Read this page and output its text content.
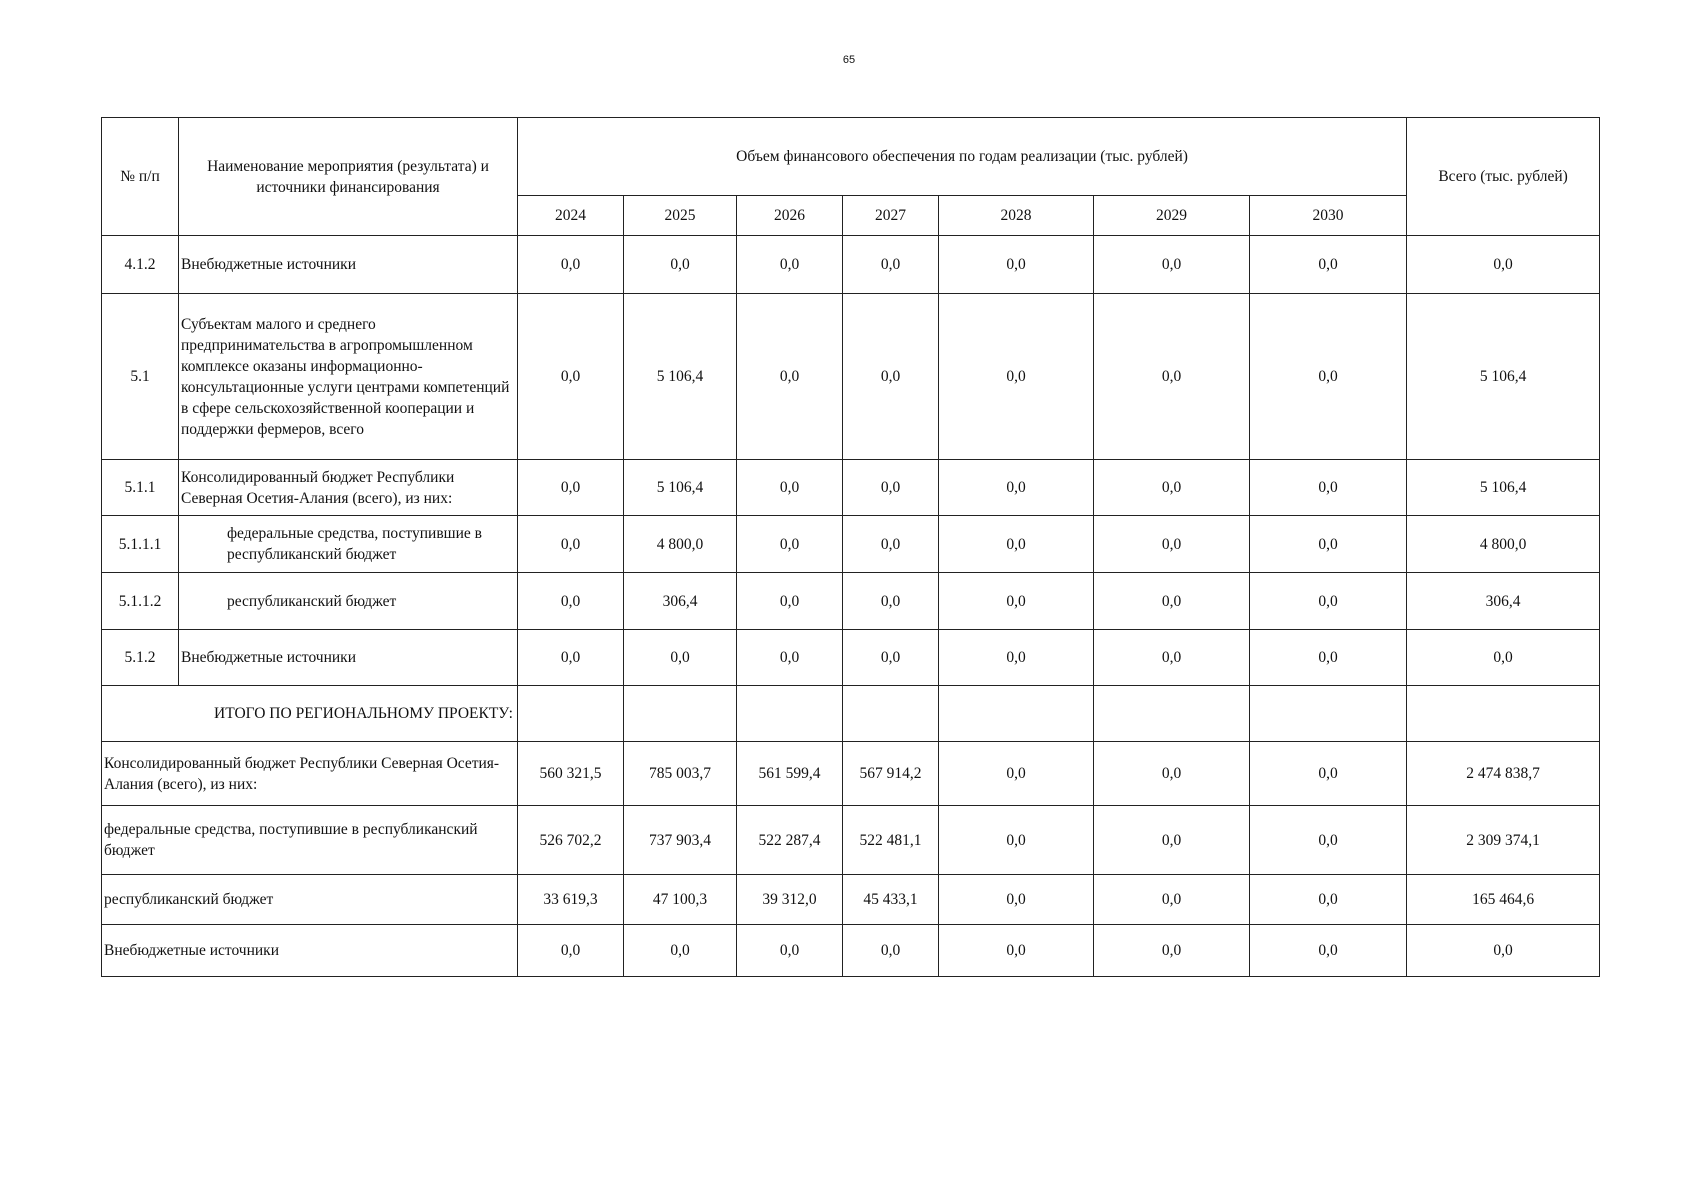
65
№ п/п	Наименование мероприятия (результата) и источники финансирования	Объем финансового обеспечения по годам реализации (тыс. рублей)							Всего (тыс. рублей)
		2024	2025	2026	2027	2028	2029	2030	
4.1.2	Внебюджетные источники	0,0	0,0	0,0	0,0	0,0	0,0	0,0	0,0
5.1	Субъектам малого и среднего предпринимательства в агропромышленном комплексе оказаны информационно-консультационные услуги центрами компетенций в сфере сельскохозяйственной кооперации и поддержки фермеров, всего	0,0	5 106,4	0,0	0,0	0,0	0,0	0,0	5 106,4
5.1.1	Консолидированный бюджет Республики Северная Осетия-Алания (всего), из них:	0,0	5 106,4	0,0	0,0	0,0	0,0	0,0	5 106,4
5.1.1.1	федеральные средства, поступившие в республиканский бюджет	0,0	4 800,0	0,0	0,0	0,0	0,0	0,0	4 800,0
5.1.1.2	республиканский бюджет	0,0	306,4	0,0	0,0	0,0	0,0	0,0	306,4
5.1.2	Внебюджетные источники	0,0	0,0	0,0	0,0	0,0	0,0	0,0	0,0
ИТОГО ПО РЕГИОНАЛЬНОМУ ПРОЕКТУ:									
Консолидированный бюджет Республики Северная Осетия-Алания (всего), из них:		560 321,5	785 003,7	561 599,4	567 914,2	0,0	0,0	0,0	2 474 838,7
федеральные средства, поступившие в республиканский бюджет		526 702,2	737 903,4	522 287,4	522 481,1	0,0	0,0	0,0	2 309 374,1
республиканский бюджет		33 619,3	47 100,3	39 312,0	45 433,1	0,0	0,0	0,0	165 464,6
Внебюджетные источники		0,0	0,0	0,0	0,0	0,0	0,0	0,0	0,0
